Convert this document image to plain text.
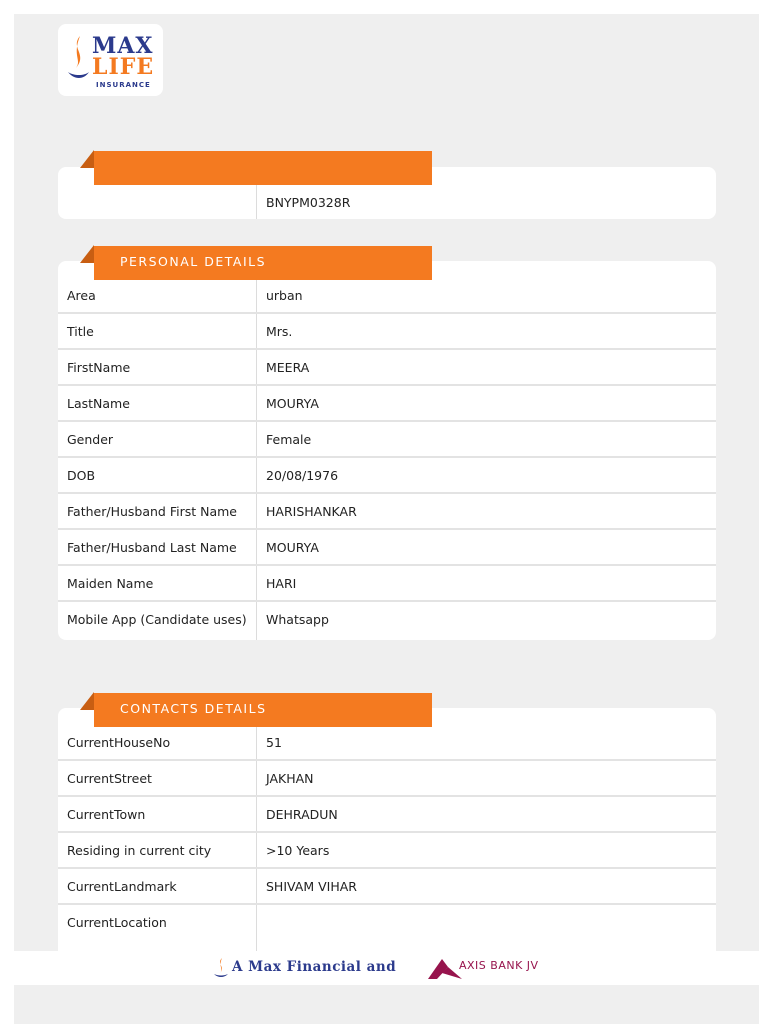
MAX
LIFE
INSURANCE
BNYPM0328R
Area	urban
Title	Mrs.
FirstName	MEERA
LastName	MOURYA
Gender	Female
DOB	20/08/1976
Father/Husband First Name HARISHANKAR
Father/Husband Last Name MOURYA
Maiden Name	HARI
Mobile App (Candidate uses) Whatsapp
PERSONAL DETAILS
CurrentHouseNo	51
CurrentStreet	JAKHAN
CurrentTown	DEHRADUN
Residing in current city	>10 Years
CurrentLandmark	SHIVAM VIHAR
CurrentLocation
CONTACTS DETAILS
A Max Financial and	AXIS BANK JV
